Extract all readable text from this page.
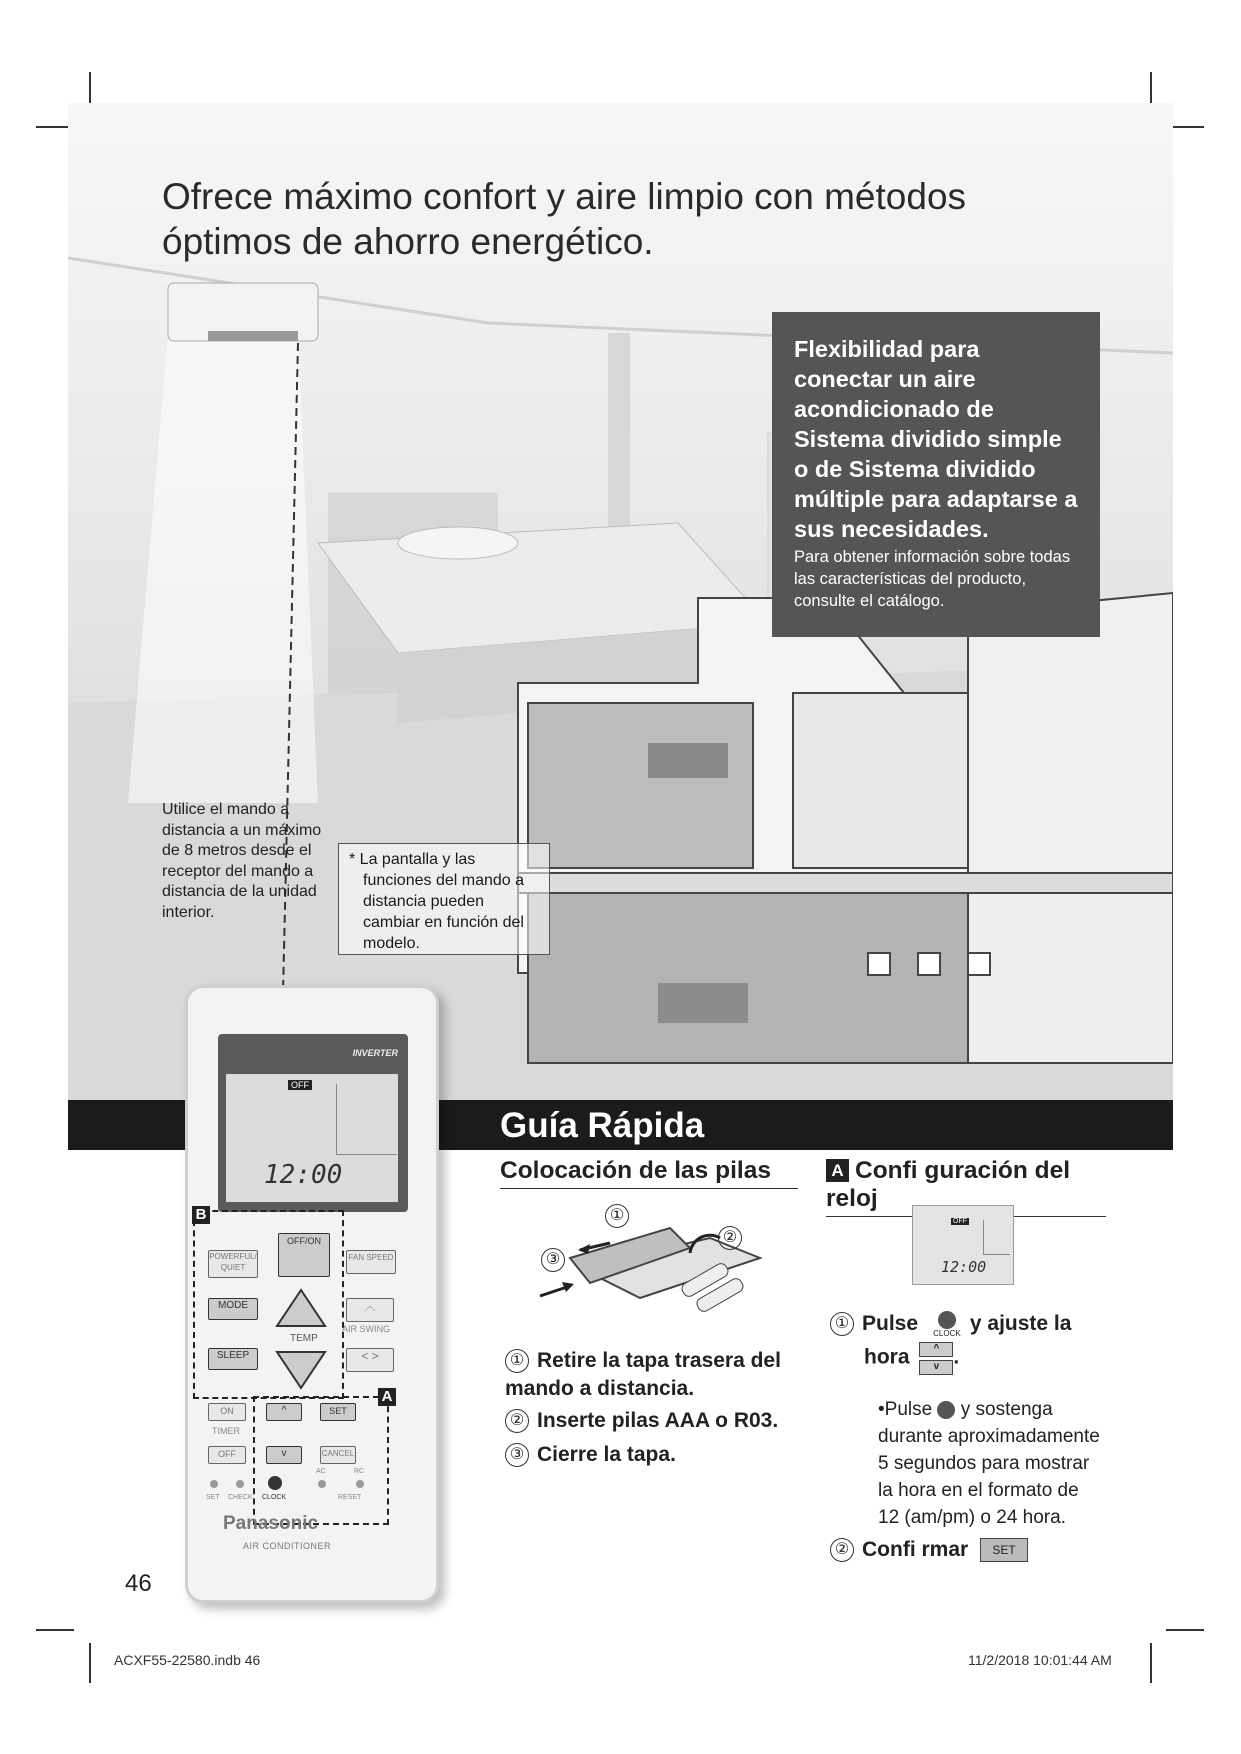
Ofrece máximo confort y aire limpio con métodos óptimos de ahorro energético.
Flexibilidad para conectar un aire acondicionado de Sistema dividido simple o de Sistema dividido múltiple para adaptarse a sus necesidades.
Para obtener información sobre todas las características del producto, consulte el catálogo.
Utilice el mando a distancia a un máximo de 8 metros desde el receptor del mando a distancia de la unidad interior.
* La pantalla y las funciones del mando a distancia pueden cambiar en función del modelo.
Guía Rápida
INVERTER
OFF
12:00
B
POWERFUL/ QUIET
OFF/ON
FAN SPEED
MODE
TEMP
︿
AIR SWING
SLEEP	< >
A
ON
TIMER
OFF
^	SET
v	CANCEL
SET CHECK CLOCK
AC	RC
RESET
Panasonic
AIR CONDITIONER
Colocación de las pilas
①
②
③
① Retire la tapa trasera del mando a distancia.
② Inserte pilas AAA o R03.
③ Cierre la tapa.
A Confi guración del reloj
OFF
12:00
① Pulse	CLOCK y ajuste la
hora	^
v .
•Pulse y sostenga durante aproximadamente 5 segundos para mostrar la hora en el formato de 12 (am/pm) o 24 hora.
② Confi rmar SET
46
ACXF55-22580.indb 46	11/2/2018 10:01:44 AM
